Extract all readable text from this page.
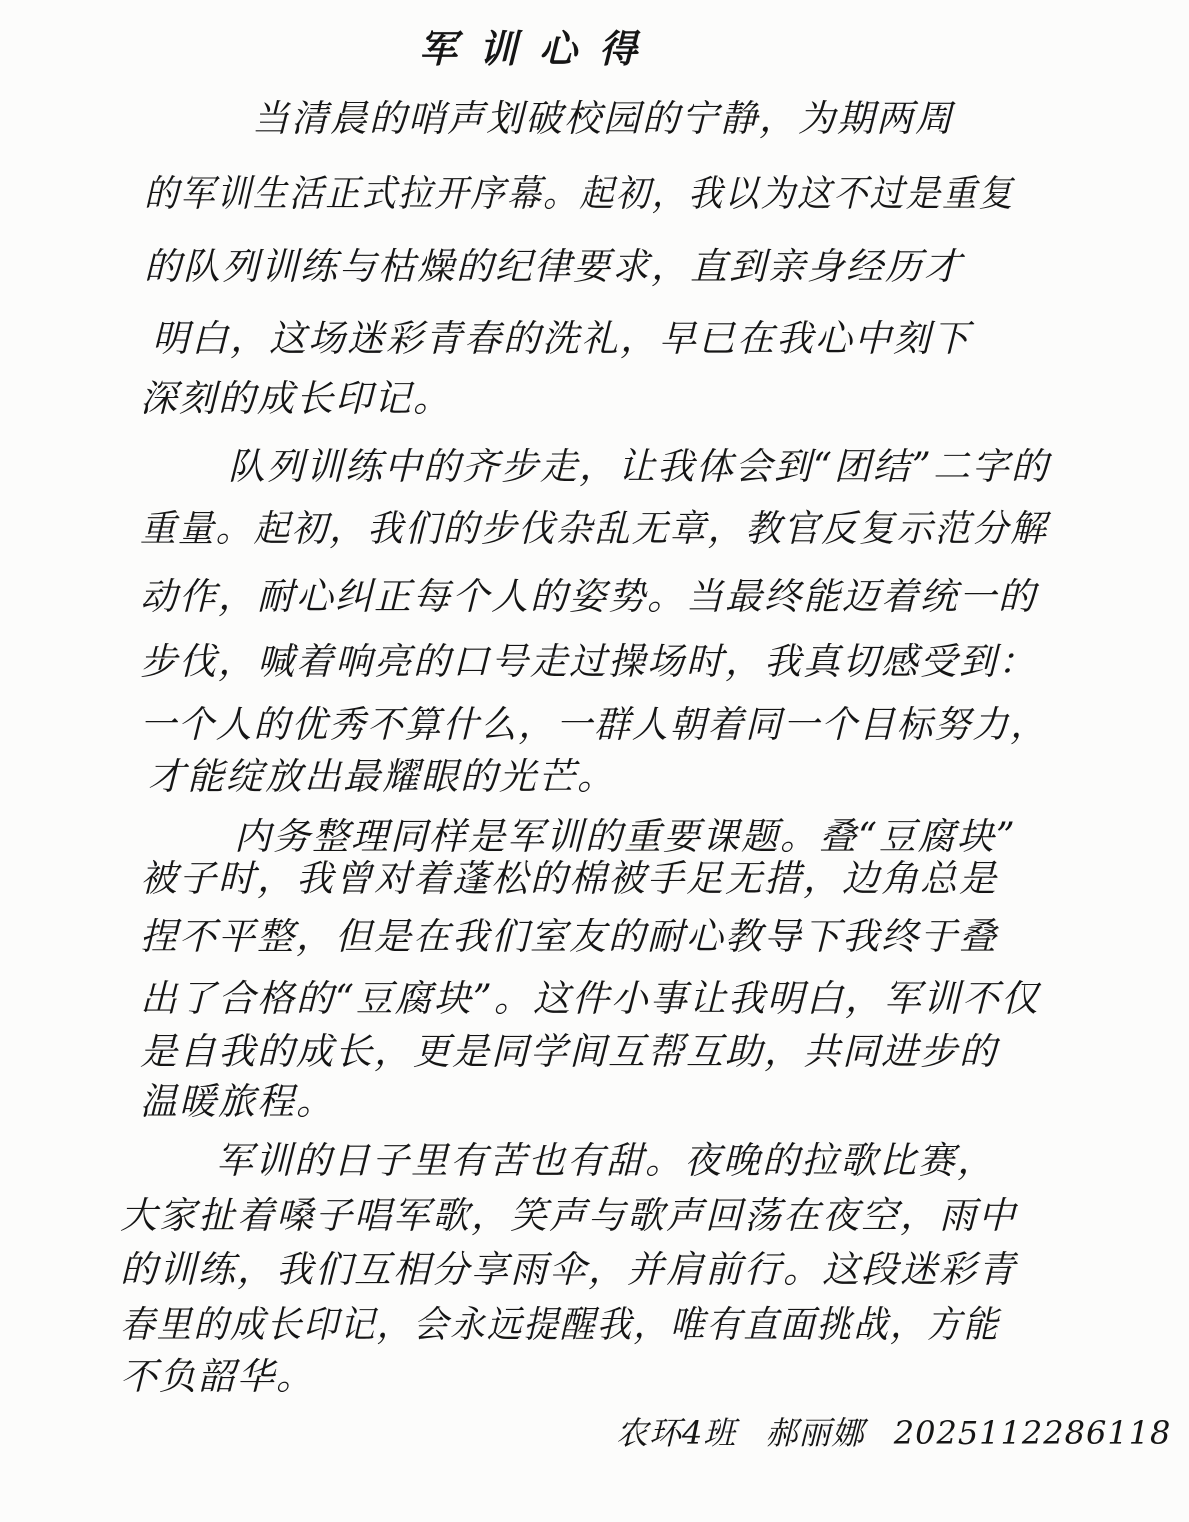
军训心得
当清晨的哨声划破校园的宁静，为期两周
的军训生活正式拉开序幕。起初，我以为这不过是重复
的队列训练与枯燥的纪律要求，直到亲身经历才
明白，这场迷彩青春的洗礼，早已在我心中刻下
深刻的成长印记。
队列训练中的齐步走，让我体会到“团结”二字的
重量。起初，我们的步伐杂乱无章，教官反复示范分解
动作，耐心纠正每个人的姿势。当最终能迈着统一的
步伐，喊着响亮的口号走过操场时，我真切感受到：
一个人的优秀不算什么，一群人朝着同一个目标努力，
才能绽放出最耀眼的光芒。
内务整理同样是军训的重要课题。叠“豆腐块”
被子时，我曾对着蓬松的棉被手足无措，边角总是
捏不平整，但是在我们室友的耐心教导下我终于叠
出了合格的“豆腐块”。这件小事让我明白，军训不仅
是自我的成长，更是同学间互帮互助，共同进步的
温暖旅程。
军训的日子里有苦也有甜。夜晚的拉歌比赛，
大家扯着嗓子唱军歌，笑声与歌声回荡在夜空，雨中
的训练，我们互相分享雨伞，并肩前行。这段迷彩青
春里的成长印记，会永远提醒我，唯有直面挑战，方能
不负韶华。
农环4班 郝丽娜 2025112286118
